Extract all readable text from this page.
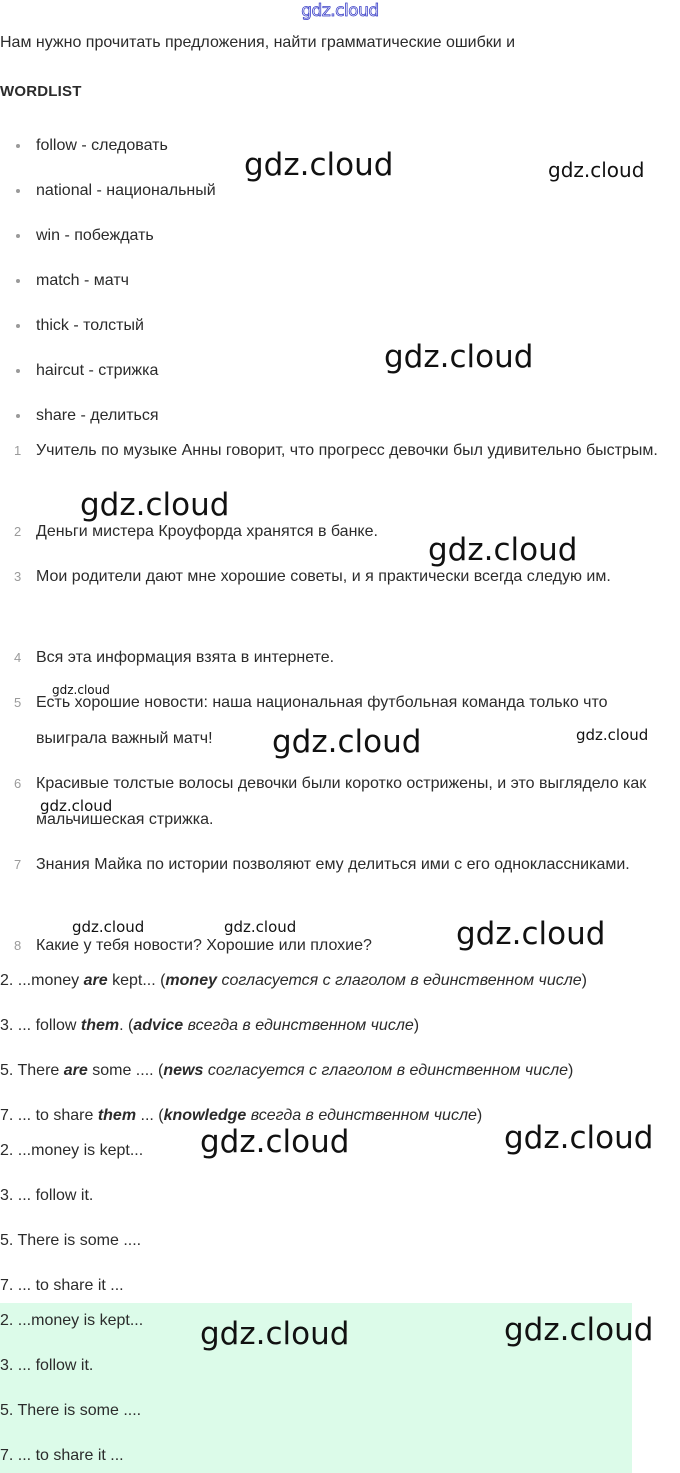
gdz.cloud
Нам нужно прочитать предложения, найти грамматические ошибки и
WORDLIST
follow - следовать
national - национальный
win - побеждать
match - матч
thick - толстый
haircut - стрижка
share - делиться
1 Учитель по музыке Анны говорит, что прогресс девочки был удивительно быстрым.
2 Деньги мистера Кроуфорда хранятся в банке.
3 Мои родители дают мне хорошие советы, и я практически всегда следую им.
4 Вся эта информация взята в интернете.
5 Есть хорошие новости: наша национальная футбольная команда только что выиграла важный матч!
6 Красивые толстые волосы девочки были коротко острижены, и это выглядело как мальчишеская стрижка.
7 Знания Майка по истории позволяют ему делиться ими с его одноклассниками.
8 Какие у тебя новости? Хорошие или плохие?
2. ...money are kept... (money согласуется с глаголом в единственном числе)
3. ... follow them. (advice всегда в единственном числе)
5. There are some .... (news согласуется с глаголом в единственном числе)
7. ... to share them ... (knowledge всегда в единственном числе)
2. ...money is kept...
3. ... follow it.
5. There is some ....
7. ... to share it ...
2. ...money is kept...
3. ... follow it.
5. There is some ....
7. ... to share it ...
gdz.cloud	gdz.cloud
gdz.cloud
gdz.cloud
gdz.cloud
gdz.cloud
gdz.cloud	gdz.cloud
gdz.cloud
gdz.cloud	gdz.cloud	gdz.cloud
gdz.cloud	gdz.cloud
gdz.cloud	gdz.cloud
